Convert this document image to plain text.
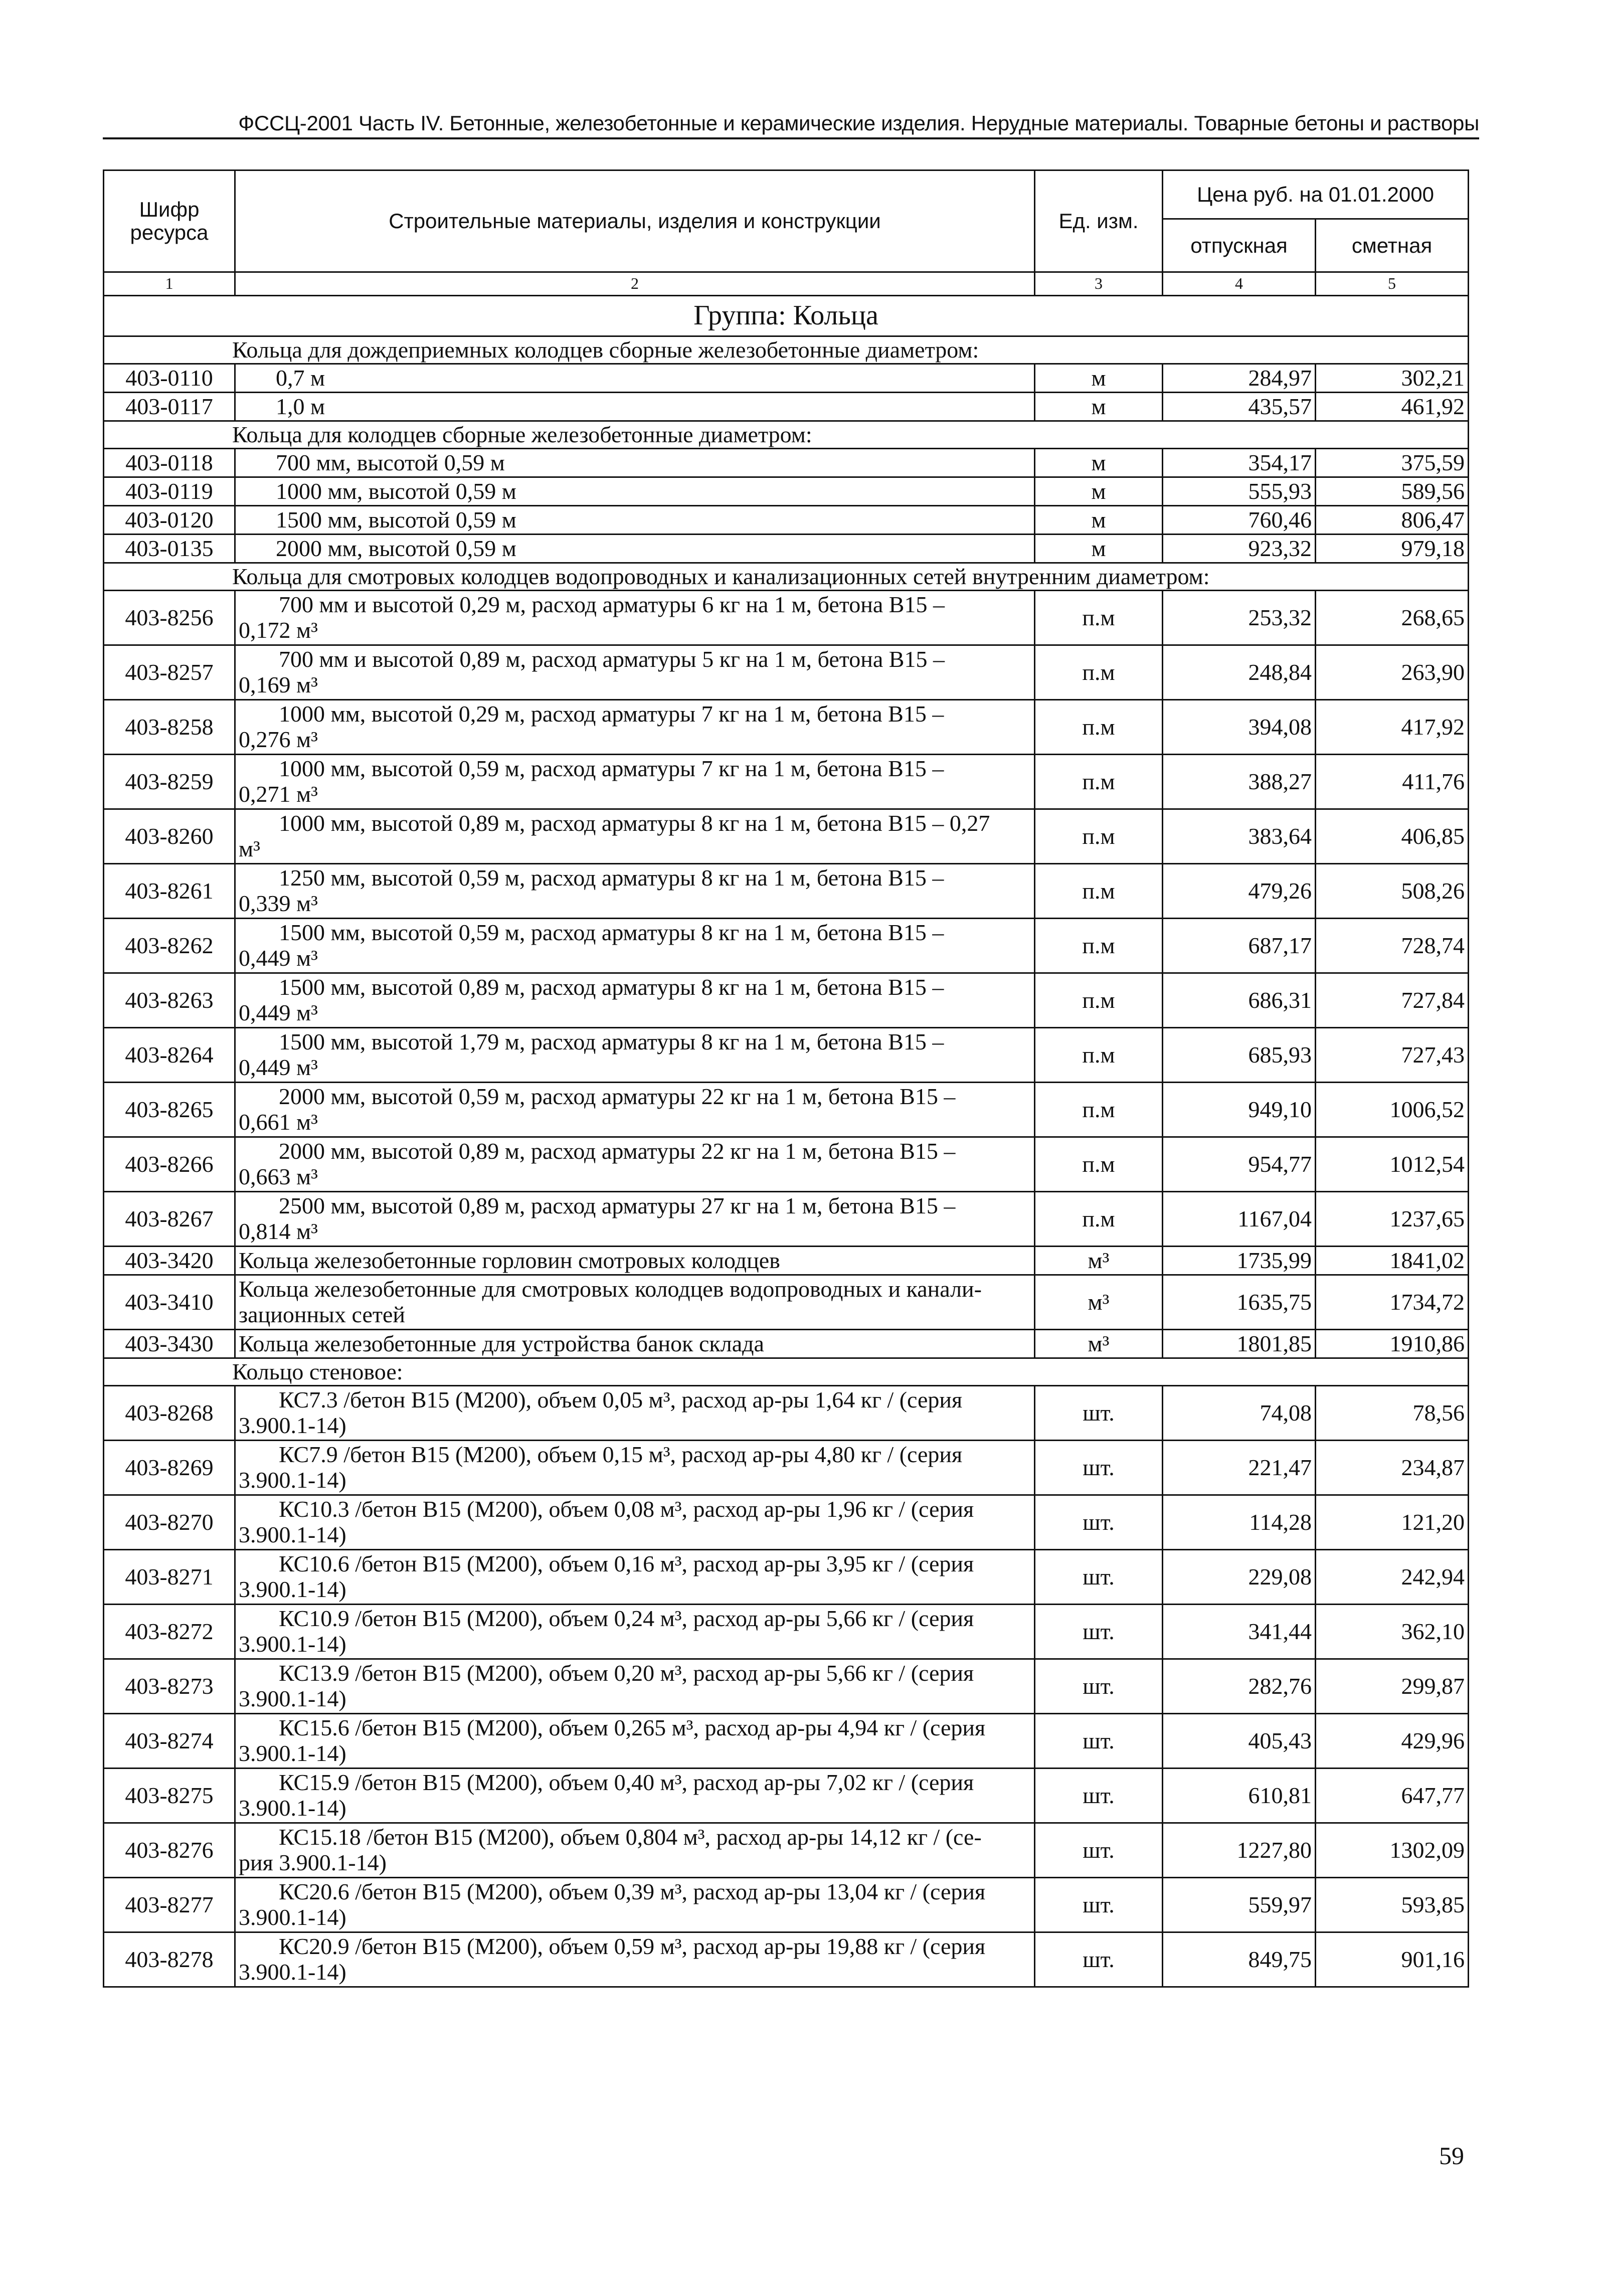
ФССЦ-2001 Часть IV. Бетонные, железобетонные и керамические изделия. Нерудные материалы. Товарные бетоны и растворы
Шифр ресурса	Строительные материалы, изделия и конструкции	Ед. изм.	Цена руб. на 01.01.2000	
			отпускная	сметная
1	2	3	4	5
Группа: Кольца				
Кольца для дождеприемных колодцев сборные железобетонные диаметром:				
403-0110	0,7 м	м	284,97	302,21
403-0117	1,0 м	м	435,57	461,92
Кольца для колодцев сборные железобетонные диаметром:				
403-0118	700 мм, высотой 0,59 м	м	354,17	375,59
403-0119	1000 мм, высотой 0,59 м	м	555,93	589,56
403-0120	1500 мм, высотой 0,59 м	м	760,46	806,47
403-0135	2000 мм, высотой 0,59 м	м	923,32	979,18
Кольца для смотровых колодцев водопроводных и канализационных сетей внутренним диаметром:				
403-8256	700 мм и высотой 0,29 м, расход арматуры 6 кг на 1 м, бетона В15 –
0,172 м³	п.м	253,32	268,65
403-8257	700 мм и высотой 0,89 м, расход арматуры 5 кг на 1 м, бетона В15 –
0,169 м³	п.м	248,84	263,90
403-8258	1000 мм, высотой 0,29 м, расход арматуры 7 кг на 1 м, бетона В15 –
0,276 м³	п.м	394,08	417,92
403-8259	1000 мм, высотой 0,59 м, расход арматуры 7 кг на 1 м, бетона В15 –
0,271 м³	п.м	388,27	411,76
403-8260	1000 мм, высотой 0,89 м, расход арматуры 8 кг на 1 м, бетона В15 – 0,27
м³	п.м	383,64	406,85
403-8261	1250 мм, высотой 0,59 м, расход арматуры 8 кг на 1 м, бетона В15 –
0,339 м³	п.м	479,26	508,26
403-8262	1500 мм, высотой 0,59 м, расход арматуры 8 кг на 1 м, бетона В15 –
0,449 м³	п.м	687,17	728,74
403-8263	1500 мм, высотой 0,89 м, расход арматуры 8 кг на 1 м, бетона В15 –
0,449 м³	п.м	686,31	727,84
403-8264	1500 мм, высотой 1,79 м, расход арматуры 8 кг на 1 м, бетона В15 –
0,449 м³	п.м	685,93	727,43
403-8265	2000 мм, высотой 0,59 м, расход арматуры 22 кг на 1 м, бетона В15 –
0,661 м³	п.м	949,10	1006,52
403-8266	2000 мм, высотой 0,89 м, расход арматуры 22 кг на 1 м, бетона В15 –
0,663 м³	п.м	954,77	1012,54
403-8267	2500 мм, высотой 0,89 м, расход арматуры 27 кг на 1 м, бетона В15 –
0,814 м³	п.м	1167,04	1237,65
403-3420	Кольца железобетонные горловин смотровых колодцев	м³	1735,99	1841,02
403-3410	Кольца железобетонные для смотровых колодцев водопроводных и канали-
зационных сетей	м³	1635,75	1734,72
403-3430	Кольца железобетонные для устройства банок склада	м³	1801,85	1910,86
Кольцо стеновое:				
403-8268	КС7.3 /бетон В15 (М200), объем 0,05 м³, расход ар-ры 1,64 кг / (серия
3.900.1-14)	шт.	74,08	78,56
403-8269	КС7.9 /бетон В15 (М200), объем 0,15 м³, расход ар-ры 4,80 кг / (серия
3.900.1-14)	шт.	221,47	234,87
403-8270	КС10.3 /бетон В15 (М200), объем 0,08 м³, расход ар-ры 1,96 кг / (серия
3.900.1-14)	шт.	114,28	121,20
403-8271	КС10.6 /бетон В15 (М200), объем 0,16 м³, расход ар-ры 3,95 кг / (серия
3.900.1-14)	шт.	229,08	242,94
403-8272	КС10.9 /бетон В15 (М200), объем 0,24 м³, расход ар-ры 5,66 кг / (серия
3.900.1-14)	шт.	341,44	362,10
403-8273	КС13.9 /бетон В15 (М200), объем 0,20 м³, расход ар-ры 5,66 кг / (серия
3.900.1-14)	шт.	282,76	299,87
403-8274	КС15.6 /бетон В15 (М200), объем 0,265 м³, расход ар-ры 4,94 кг / (серия
3.900.1-14)	шт.	405,43	429,96
403-8275	КС15.9 /бетон В15 (М200), объем 0,40 м³, расход ар-ры 7,02 кг / (серия
3.900.1-14)	шт.	610,81	647,77
403-8276	КС15.18 /бетон В15 (М200), объем 0,804 м³, расход ар-ры 14,12 кг / (се-
рия 3.900.1-14)	шт.	1227,80	1302,09
403-8277	КС20.6 /бетон В15 (М200), объем 0,39 м³, расход ар-ры 13,04 кг / (серия
3.900.1-14)	шт.	559,97	593,85
403-8278	КС20.9 /бетон В15 (М200), объем 0,59 м³, расход ар-ры 19,88 кг / (серия
3.900.1-14)	шт.	849,75	901,16
59
